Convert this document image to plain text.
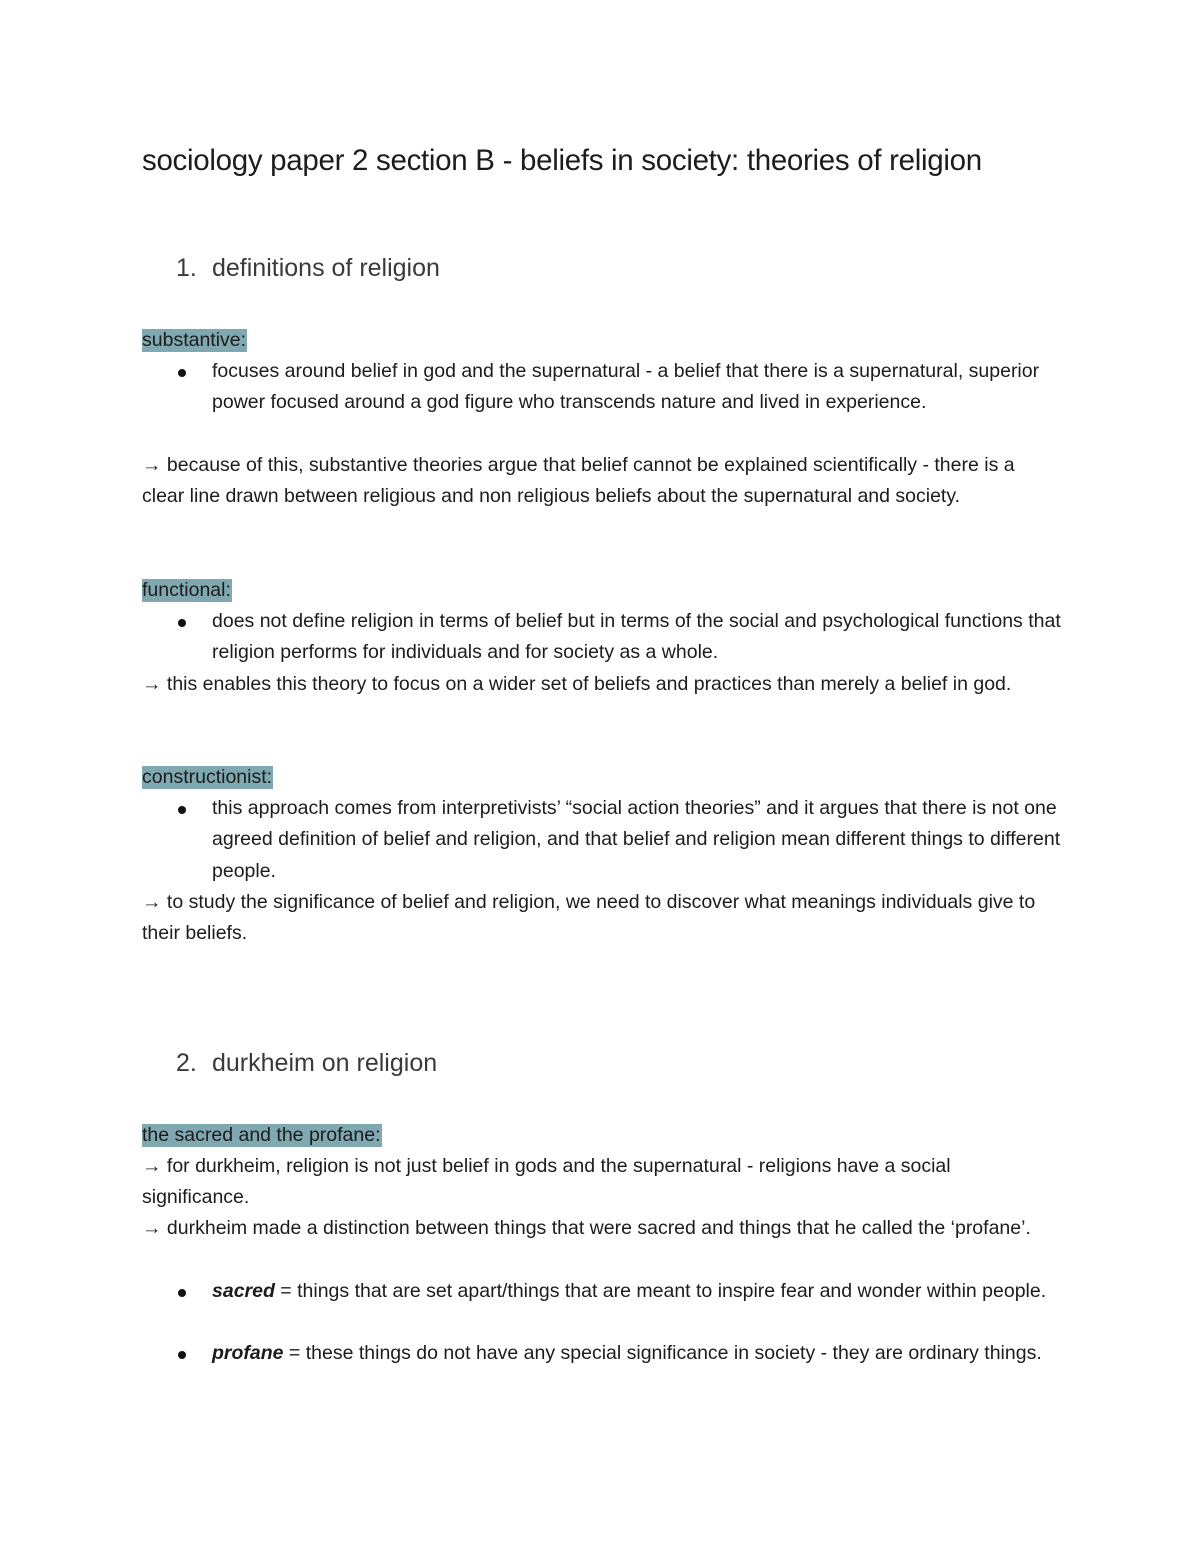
sociology paper 2 section B - beliefs in society: theories of religion
1. definitions of religion

substantive:

focuses around belief in god and the supernatural - a belief that there is a supernatural, superior power focused around a god figure who transcends nature and lived in experience.

→ because of this, substantive theories argue that belief cannot be explained scientifically - there is a clear line drawn between religious and non religious beliefs about the supernatural and society.

functional:

does not define religion in terms of belief but in terms of the social and psychological functions that religion performs for individuals and for society as a whole.

→ this enables this theory to focus on a wider set of beliefs and practices than merely a belief in god.

constructionist:

this approach comes from interpretivists’ “social action theories” and it argues that there is not one agreed definition of belief and religion, and that belief and religion mean different things to different people.

→ to study the significance of belief and religion, we need to discover what meanings individuals give to their beliefs.

2. durkheim on religion

the sacred and the profane:

→ for durkheim, religion is not just belief in gods and the supernatural - religions have a social significance.

→ durkheim made a distinction between things that were sacred and things that he called the ‘profane’.

sacred = things that are set apart/things that are meant to inspire fear and wonder within people.

profane = these things do not have any special significance in society - they are ordinary things.
